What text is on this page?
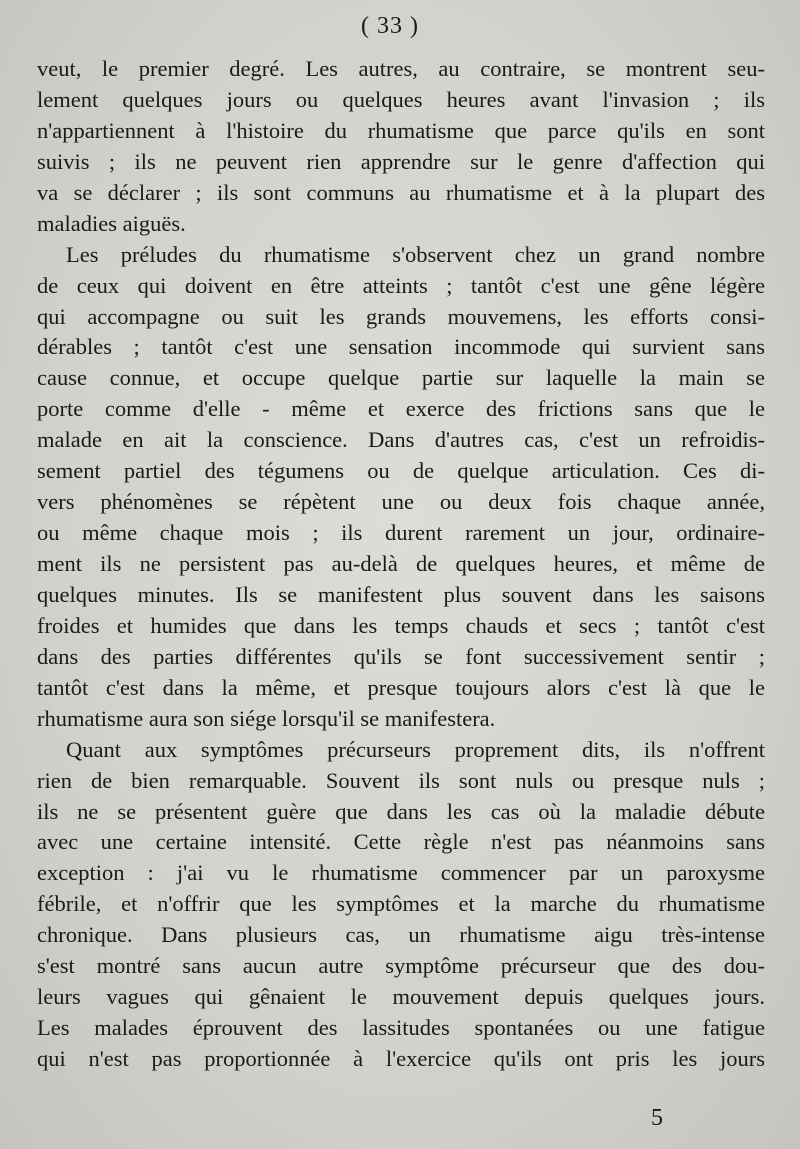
( 33 )
veut, le premier degré. Les autres, au contraire, se montrent seu-
lement quelques jours ou quelques heures avant l'invasion ; ils
n'appartiennent à l'histoire du rhumatisme que parce qu'ils en sont
suivis ; ils ne peuvent rien apprendre sur le genre d'affection qui
va se déclarer ; ils sont communs au rhumatisme et à la plupart des
maladies aiguës.
Les préludes du rhumatisme s'observent chez un grand nombre
de ceux qui doivent en être atteints ; tantôt c'est une gêne légère
qui accompagne ou suit les grands mouvemens, les efforts consi-
dérables ; tantôt c'est une sensation incommode qui survient sans
cause connue, et occupe quelque partie sur laquelle la main se
porte comme d'elle - même et exerce des frictions sans que le
malade en ait la conscience. Dans d'autres cas, c'est un refroidis-
sement partiel des tégumens ou de quelque articulation. Ces di-
vers phénomènes se répètent une ou deux fois chaque année,
ou même chaque mois ; ils durent rarement un jour, ordinaire-
ment ils ne persistent pas au-delà de quelques heures, et même de
quelques minutes. Ils se manifestent plus souvent dans les saisons
froides et humides que dans les temps chauds et secs ; tantôt c'est
dans des parties différentes qu'ils se font successivement sentir ;
tantôt c'est dans la même, et presque toujours alors c'est là que le
rhumatisme aura son siége lorsqu'il se manifestera.
Quant aux symptômes précurseurs proprement dits, ils n'offrent
rien de bien remarquable. Souvent ils sont nuls ou presque nuls ;
ils ne se présentent guère que dans les cas où la maladie débute
avec une certaine intensité. Cette règle n'est pas néanmoins sans
exception : j'ai vu le rhumatisme commencer par un paroxysme
fébrile, et n'offrir que les symptômes et la marche du rhumatisme
chronique. Dans plusieurs cas, un rhumatisme aigu très-intense
s'est montré sans aucun autre symptôme précurseur que des dou-
leurs vagues qui gênaient le mouvement depuis quelques jours.
Les malades éprouvent des lassitudes spontanées ou une fatigue
qui n'est pas proportionnée à l'exercice qu'ils ont pris les jours
5
